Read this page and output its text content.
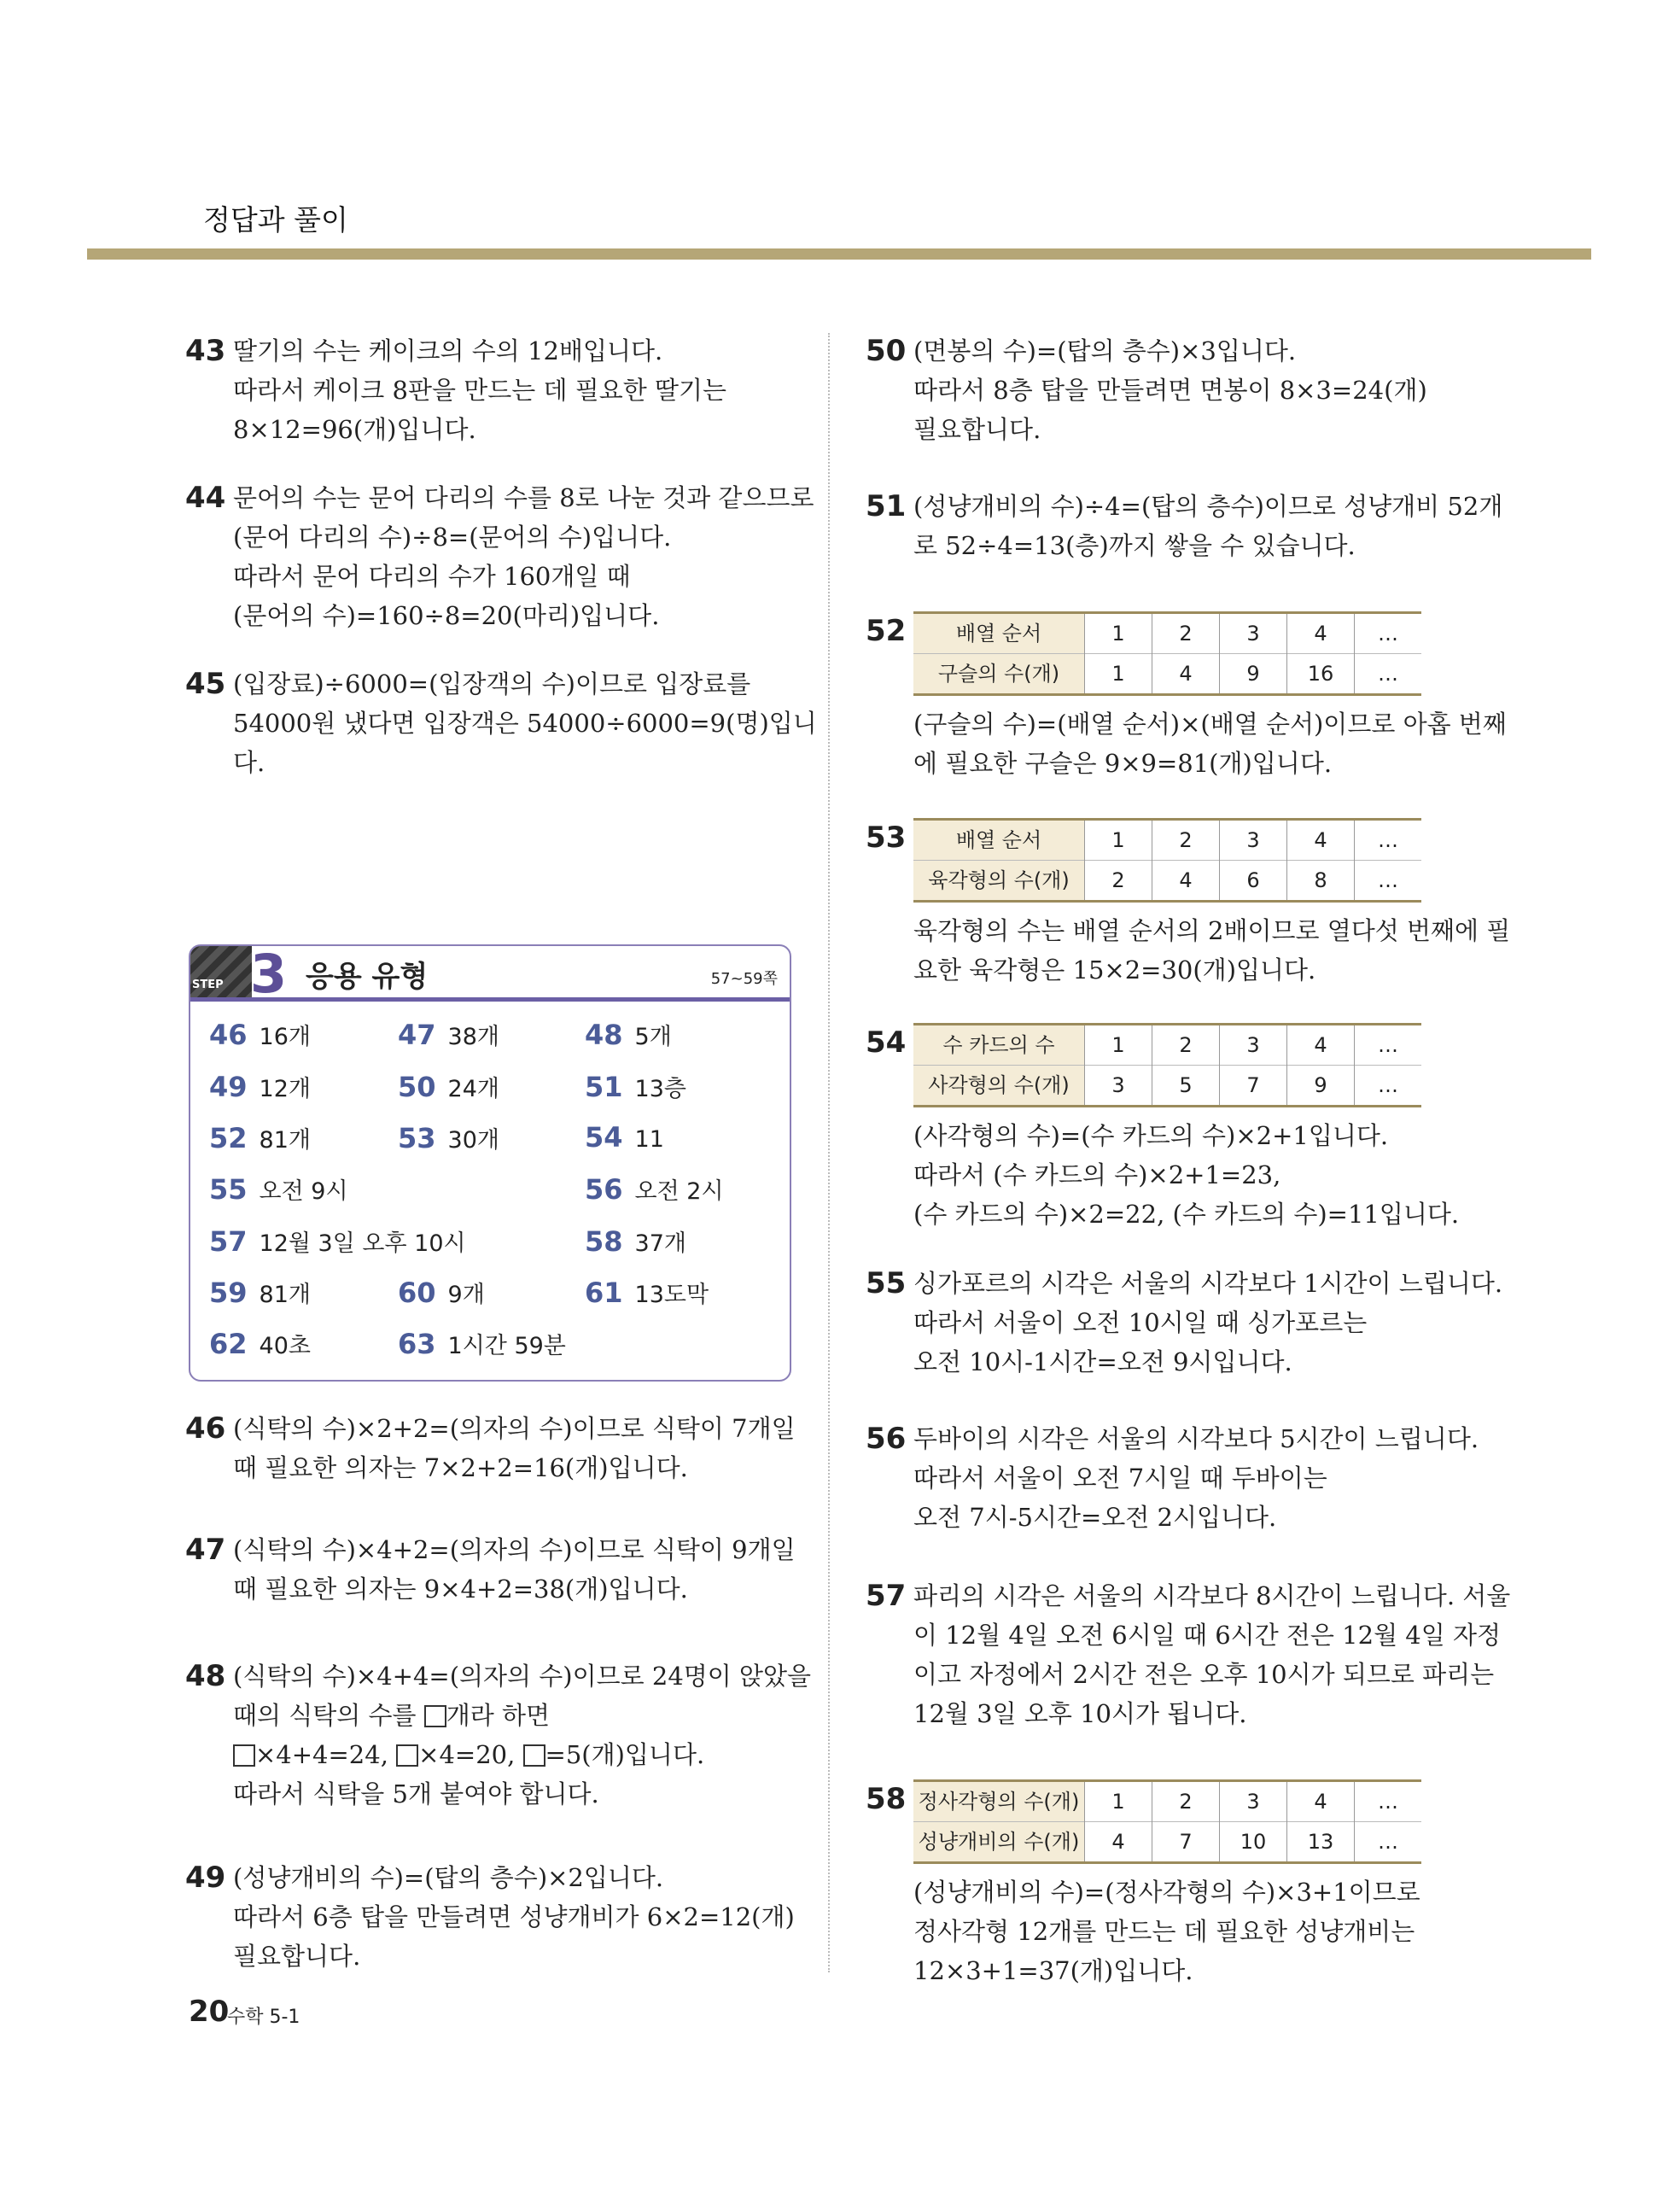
정답과 풀이
43 딸기의 수는 케이크의 수의 12배입니다.
따라서 케이크 8판을 만드는 데 필요한 딸기는
8×12=96(개)입니다.
44 문어의 수는 문어 다리의 수를 8로 나눈 것과 같으므로
(문어 다리의 수)÷8=(문어의 수)입니다.
따라서 문어 다리의 수가 160개일 때
(문어의 수)=160÷8=20(마리)입니다.
45 (입장료)÷6000=(입장객의 수)이므로 입장료를
54000원 냈다면 입장객은 54000÷6000=9(명)입니
다.
STEP 3 응용 유형	57~59쪽
46 16개	47 38개	48 5개
49 12개	50 24개	51 13층
52 81개	53 30개	54 11
55 오전 9시	56 오전 2시
57 12월 3일 오후 10시	58 37개
59 81개	60 9개	61 13도막
62 40초	63 1시간 59분
46 (식탁의 수)×2+2=(의자의 수)이므로 식탁이 7개일
때 필요한 의자는 7×2+2=16(개)입니다.
47 (식탁의 수)×4+2=(의자의 수)이므로 식탁이 9개일
때 필요한 의자는 9×4+2=38(개)입니다.
48 (식탁의 수)×4+4=(의자의 수)이므로 24명이 앉았을
때의 식탁의 수를 개라 하면
×4+4=24, ×4=20, =5(개)입니다.
따라서 식탁을 5개 붙여야 합니다.
49 (성냥개비의 수)=(탑의 층수)×2입니다.
따라서 6층 탑을 만들려면 성냥개비가 6×2=12(개)
필요합니다.
50 (면봉의 수)=(탑의 층수)×3입니다.
따라서 8층 탑을 만들려면 면봉이 8×3=24(개)
필요합니다.
51 (성냥개비의 수)÷4=(탑의 층수)이므로 성냥개비 52개
로 52÷4=13(층)까지 쌓을 수 있습니다.
52 배열 순서	1	2	3	4	…
구슬의 수(개)	1	4	9	16	…
(구슬의 수)=(배열 순서)×(배열 순서)이므로 아홉 번째
에 필요한 구슬은 9×9=81(개)입니다.
53 배열 순서	1	2	3	4	…
육각형의 수(개)	2	4	6	8	…
육각형의 수는 배열 순서의 2배이므로 열다섯 번째에 필
요한 육각형은 15×2=30(개)입니다.
54 수 카드의 수	1	2	3	4	…
사각형의 수(개)	3	5	7	9	…
(사각형의 수)=(수 카드의 수)×2+1입니다.
따라서 (수 카드의 수)×2+1=23,
(수 카드의 수)×2=22, (수 카드의 수)=11입니다.
55 싱가포르의 시각은 서울의 시각보다 1시간이 느립니다.
따라서 서울이 오전 10시일 때 싱가포르는
오전 10시-1시간=오전 9시입니다.
56 두바이의 시각은 서울의 시각보다 5시간이 느립니다.
따라서 서울이 오전 7시일 때 두바이는
오전 7시-5시간=오전 2시입니다.
57 파리의 시각은 서울의 시각보다 8시간이 느립니다. 서울
이 12월 4일 오전 6시일 때 6시간 전은 12월 4일 자정
이고 자정에서 2시간 전은 오후 10시가 되므로 파리는
12월 3일 오후 10시가 됩니다.
58 정사각형의 수(개)	1	2	3	4	…
성냥개비의 수(개)	4	7	10	13	…
(성냥개비의 수)=(정사각형의 수)×3+1이므로
정사각형 12개를 만드는 데 필요한 성냥개비는
12×3+1=37(개)입니다.
20
수학 5-1
